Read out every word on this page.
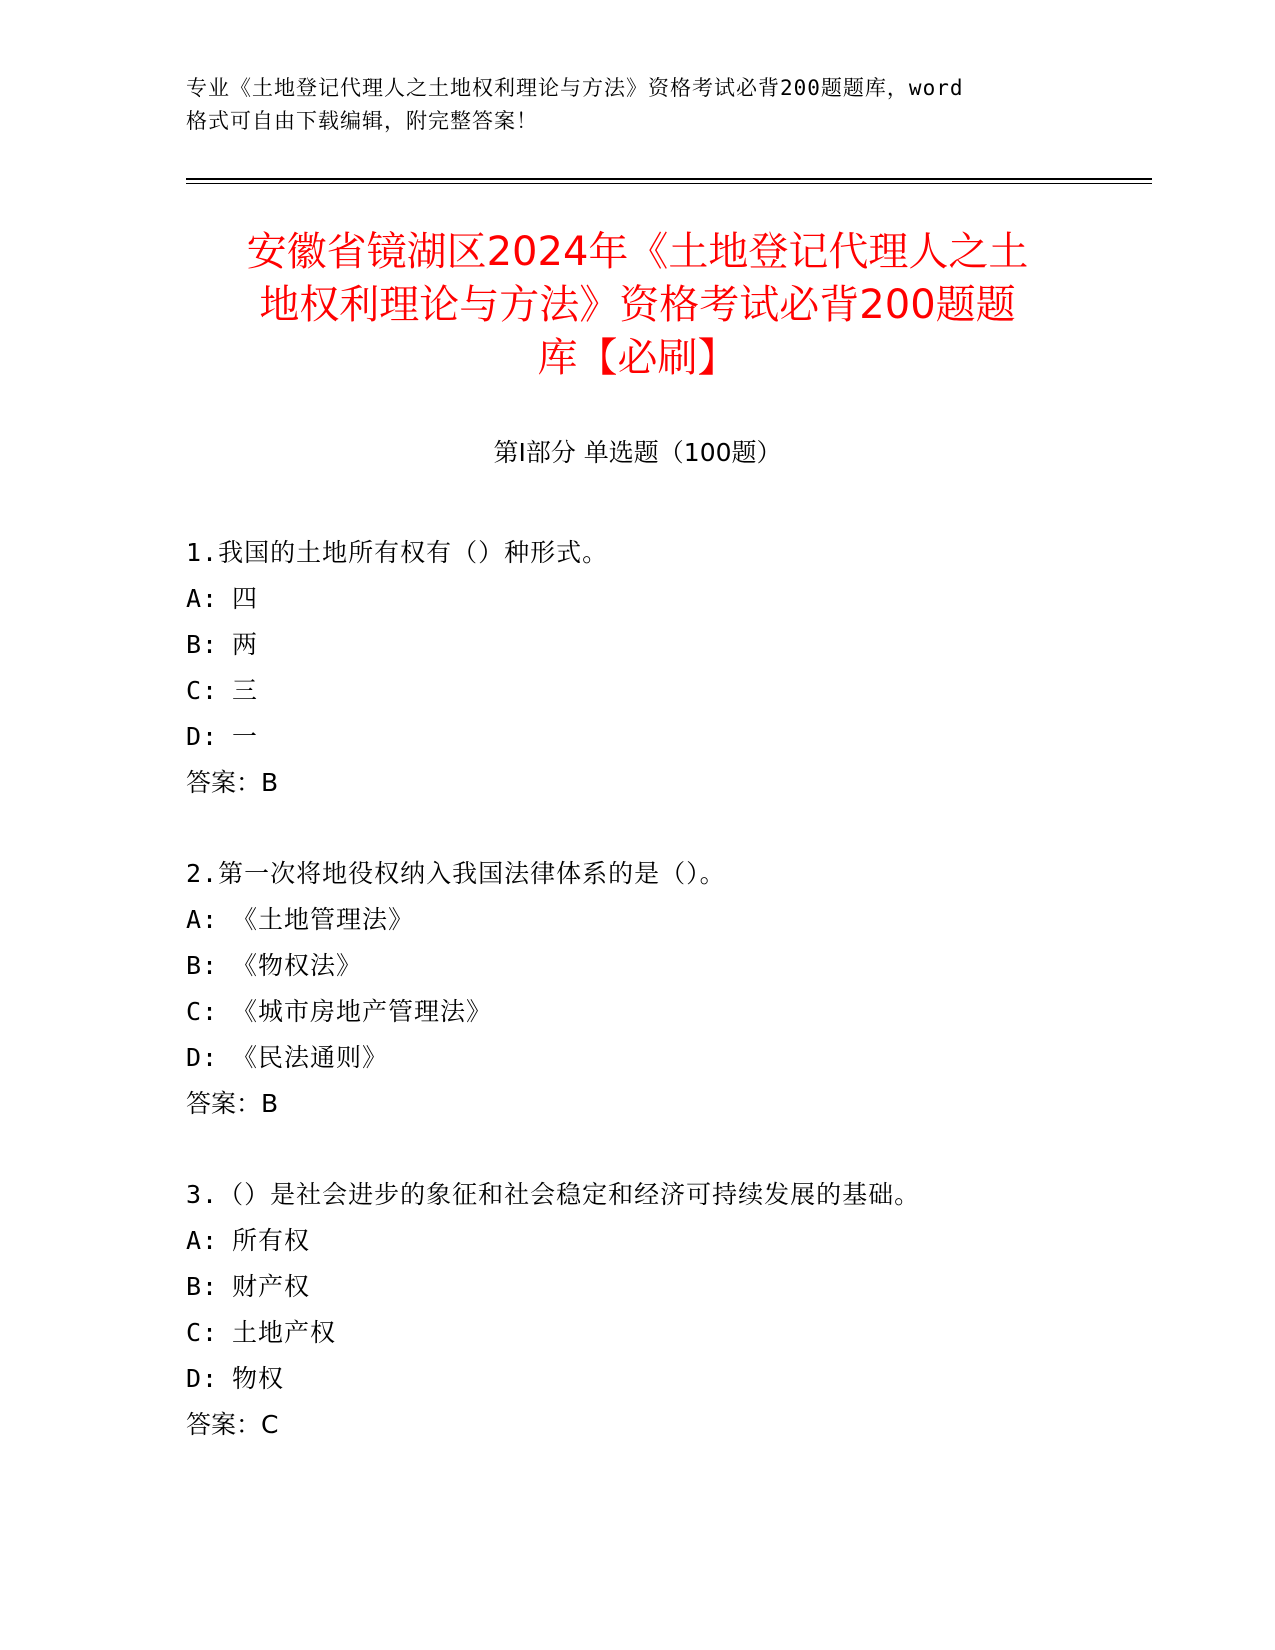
专业《土地登记代理人之土地权利理论与方法》资格考试必背200题题库，word
格式可自由下载编辑，附完整答案！
安徽省镜湖区2024年《土地登记代理人之土
地权利理论与方法》资格考试必背200题题
库【必刷】
第Ⅰ部分 单选题（100题）
1.我国的土地所有权有（）种形式。
A: 四
B: 两
C: 三
D: 一
答案：B
2.第一次将地役权纳入我国法律体系的是（）。
A: 《土地管理法》
B: 《物权法》
C: 《城市房地产管理法》
D: 《民法通则》
答案：B
3.（）是社会进步的象征和社会稳定和经济可持续发展的基础。
A: 所有权
B: 财产权
C: 土地产权
D: 物权
答案：C
